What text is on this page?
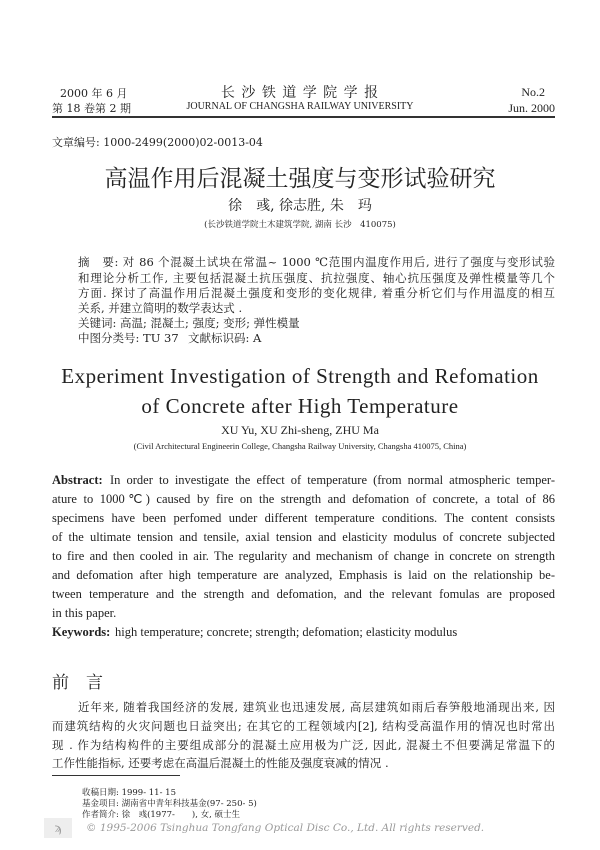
2000 年 6 月
第 18 卷第 2 期
长 沙 铁 道 学 院 学 报
JOURNAL OF CHANGSHA RAILWAY UNIVERSITY
No.2
Jun. 2000
文章编号: 1000-2499(2000)02-0013-04
高温作用后混凝土强度与变形试验研究
徐　彧, 徐志胜, 朱　玛
(长沙铁道学院土木建筑学院, 湖南 长沙　410075)
摘　要: 对 86 个混凝土试块在常温~ 1000 ℃范围内温度作用后, 进行了强度与变形试验
和理论分析工作, 主要包括混凝土抗压强度、抗拉强度、轴心抗压强度及弹性模量等几个
方面. 探讨了高温作用后混凝土强度和变形的变化规律, 着重分析它们与作用温度的相互
关系, 并建立简明的数学表达式 .
关键词: 高温; 混凝土; 强度; 变形; 弹性模量
中图分类号: TU 37 文献标识码: A
Experiment Investigation of Strength and Refomation
of Concrete after High Temperature
XU Yu, XU Zhi-sheng, ZHU Ma
(Civil Architectural Engineerin College, Changsha Railway University, Changsha 410075, China)
Abstract: In order to investigate the effect of temperature (from normal atmospheric temper-
ature to 1000℃) caused by fire on the strength and defomation of concrete, a total of 86
specimens have been perfomed under different temperature conditions. The content consists
of the ultimate tension and tensile, axial tension and elasticity modulus of concrete subjected
to fire and then cooled in air. The regularity and mechanism of change in concrete on strength
and defomation after high temperature are analyzed, Emphasis is laid on the relationship be-
tween temperature and the strength and defomation, and the relevant fomulas are proposed
in this paper.
Keywords: high temperature; concrete; strength; defomation; elasticity modulus
前　言
近年来, 随着我国经济的发展, 建筑业也迅速发展, 高层建筑如雨后春笋般地涌现出来, 因
而建筑结构的火灾问题也日益突出; 在其它的工程领域内[2], 结构受高温作用的情况也时常出
现 . 作为结构构件的主要组成部分的混凝土应用极为广泛, 因此, 混凝土不但要满足常温下的
工作性能指标, 还要考虑在高温后混凝土的性能及强度衰减的情况 .
收稿日期: 1999- 11- 15
基金项目: 湖南省中青年科技基金(97- 250- 5)
作者简介: 徐　彧(1977-　　), 女, 硕士生
ϡ	© 1995-2006 Tsinghua Tongfang Optical Disc Co., Ltd. All rights reserved.
